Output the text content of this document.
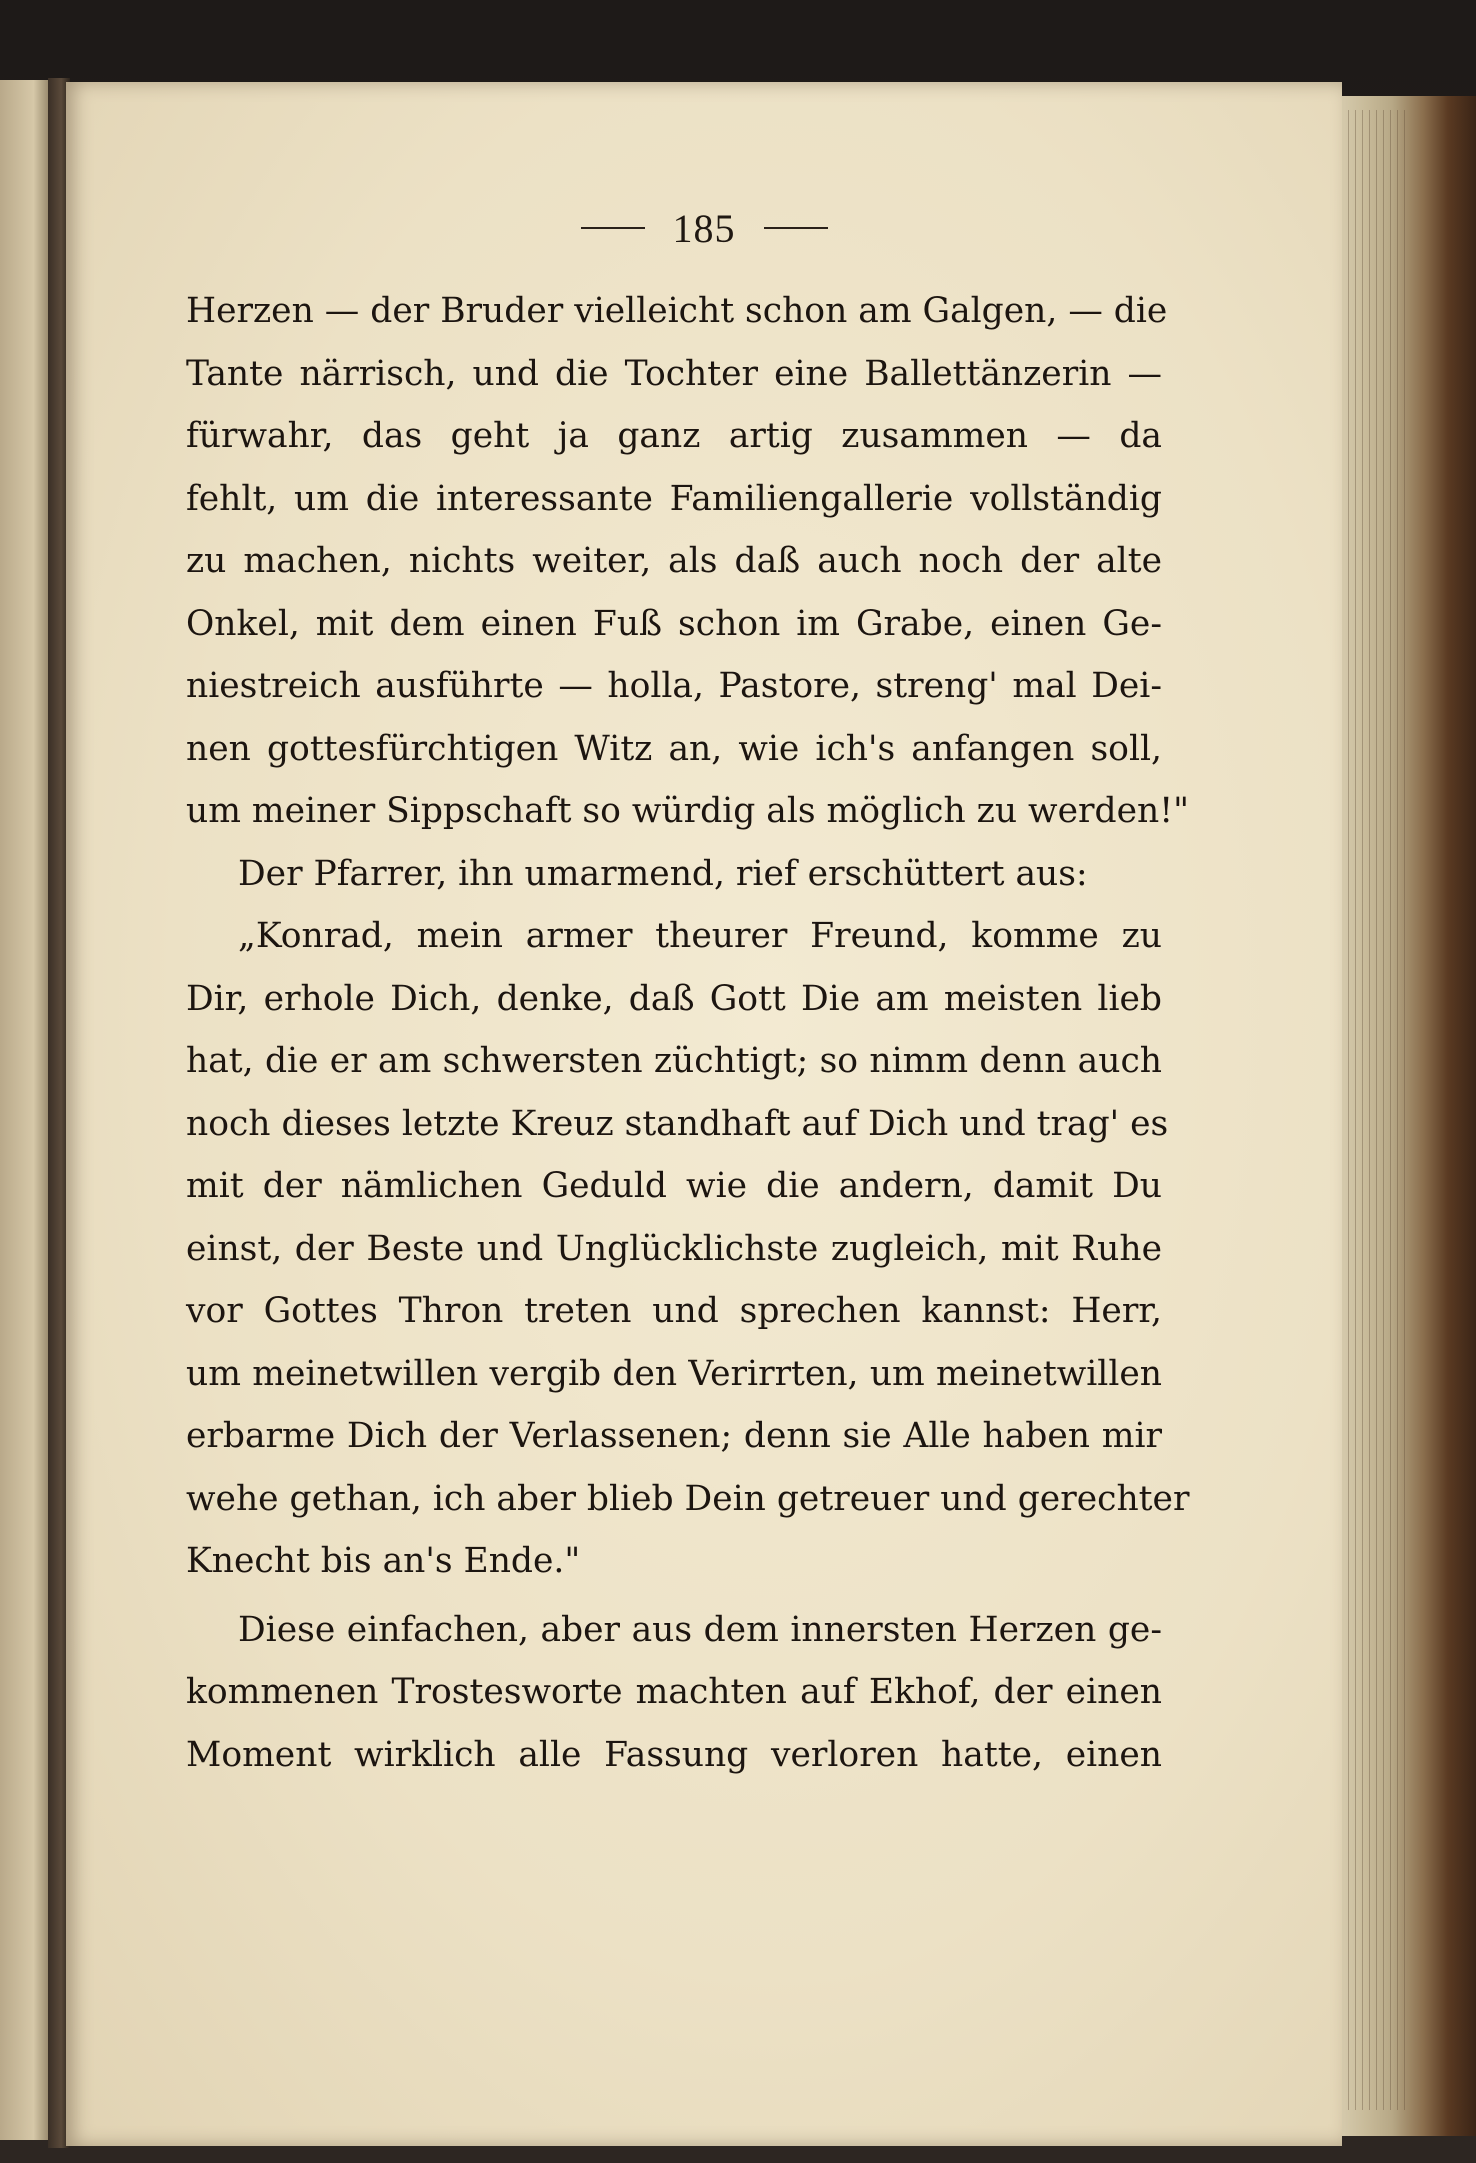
185
Herzen — der Bruder vielleicht schon am Galgen, — die
Tante närrisch, und die Tochter eine Ballettänzerin —
fürwahr, das geht ja ganz artig zusammen — da
fehlt, um die interessante Familiengallerie vollständig
zu machen, nichts weiter, als daß auch noch der alte
Onkel, mit dem einen Fuß schon im Grabe, einen Ge-
niestreich ausführte — holla, Pastore, streng' mal Dei-
nen gottesfürchtigen Witz an, wie ich's anfangen soll,
um meiner Sippschaft so würdig als möglich zu werden!"
Der Pfarrer, ihn umarmend, rief erschüttert aus:
„Konrad, mein armer theurer Freund, komme zu
Dir, erhole Dich, denke, daß Gott Die am meisten lieb
hat, die er am schwersten züchtigt; so nimm denn auch
noch dieses letzte Kreuz standhaft auf Dich und trag' es
mit der nämlichen Geduld wie die andern, damit Du
einst, der Beste und Unglücklichste zugleich, mit Ruhe
vor Gottes Thron treten und sprechen kannst: Herr,
um meinetwillen vergib den Verirrten, um meinetwillen
erbarme Dich der Verlassenen; denn sie Alle haben mir
wehe gethan, ich aber blieb Dein getreuer und gerechter
Knecht bis an's Ende."
Diese einfachen, aber aus dem innersten Herzen ge-
kommenen Trostesworte machten auf Ekhof, der einen
Moment wirklich alle Fassung verloren hatte, einen
